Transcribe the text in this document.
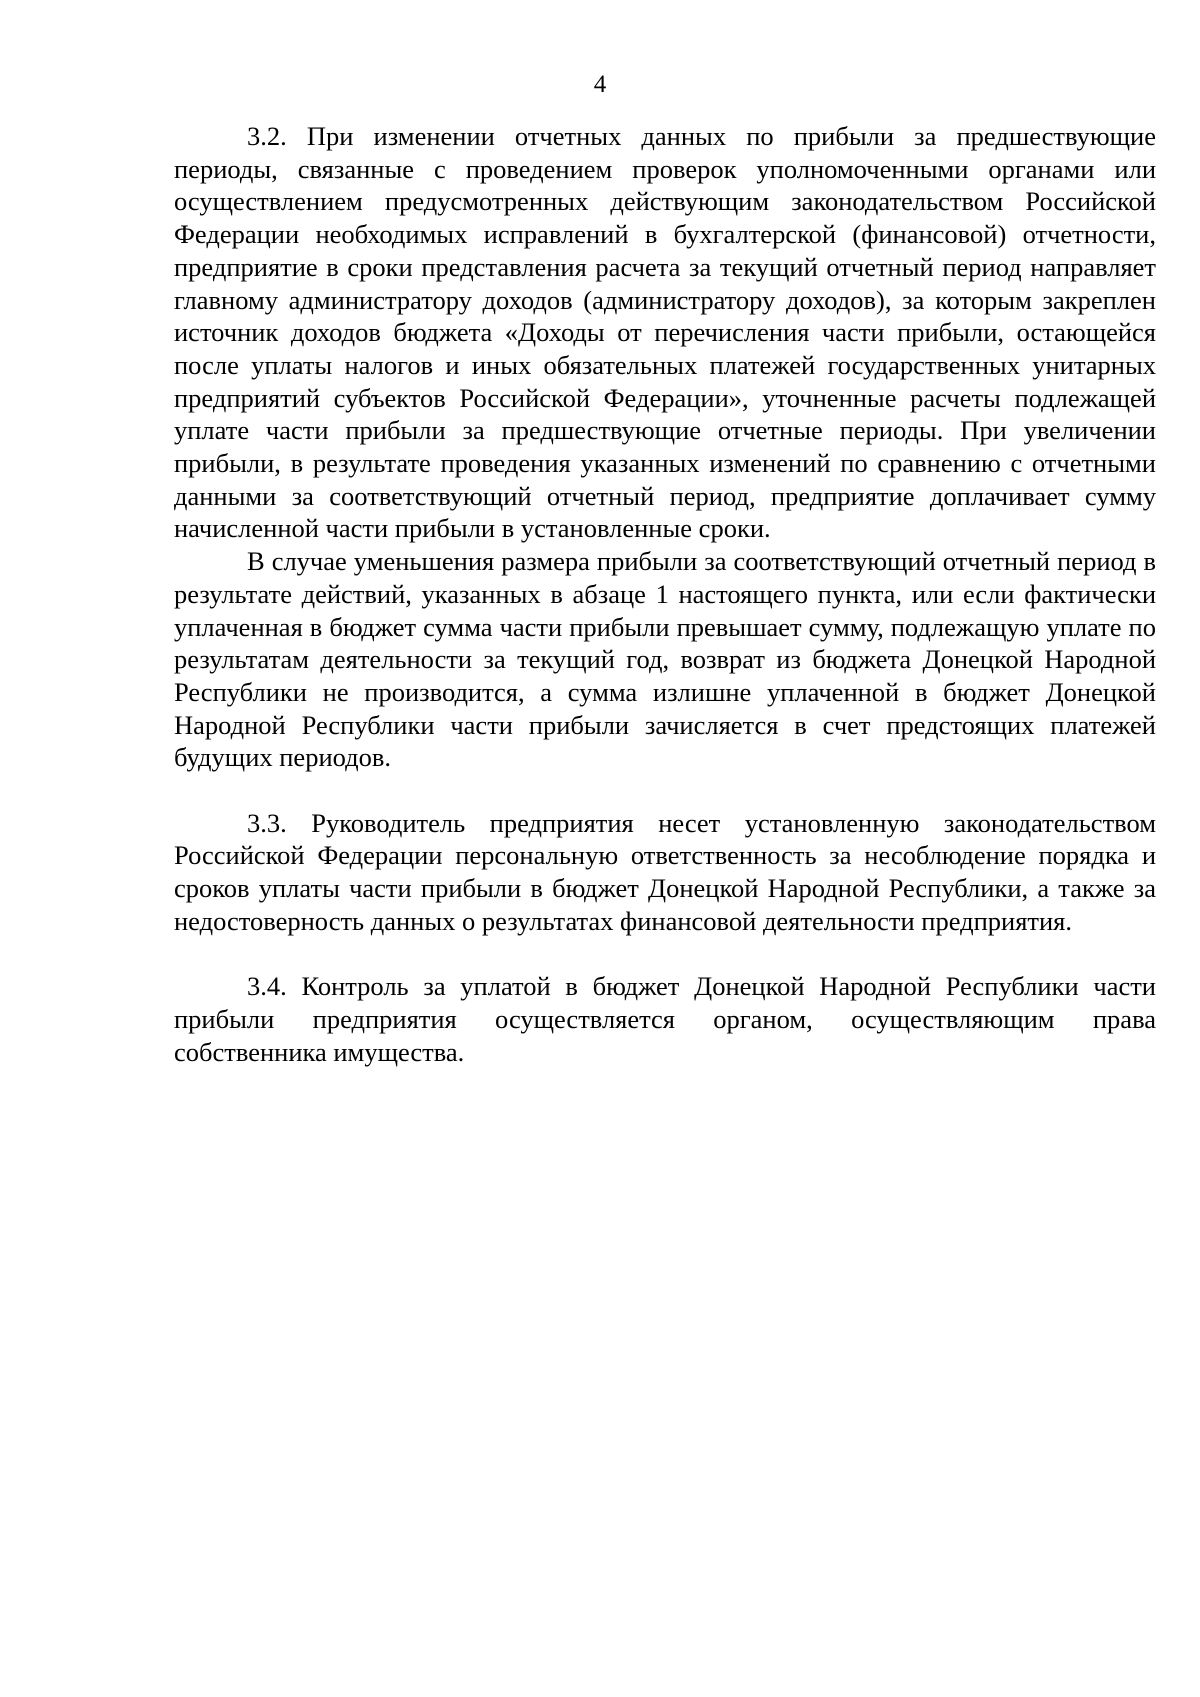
4

3.2. При изменении отчетных данных по прибыли за предшествующие периоды, связанные с проведением проверок уполномоченными органами или осуществлением предусмотренных действующим законодательством Российской Федерации необходимых исправлений в бухгалтерской (финансовой) отчетности, предприятие в сроки представления расчета за текущий отчетный период направляет главному администратору доходов (администратору доходов), за которым закреплен источник доходов бюджета «Доходы от перечисления части прибыли, остающейся после уплаты налогов и иных обязательных платежей государственных унитарных предприятий субъектов Российской Федерации», уточненные расчеты подлежащей уплате части прибыли за предшествующие отчетные периоды. При увеличении прибыли, в результате проведения указанных изменений по сравнению с отчетными данными за соответствующий отчетный период, предприятие доплачивает сумму начисленной части прибыли в установленные сроки.

В случае уменьшения размера прибыли за соответствующий отчетный период в результате действий, указанных в абзаце 1 настоящего пункта, или если фактически уплаченная в бюджет сумма части прибыли превышает сумму, подлежащую уплате по результатам деятельности за текущий год, возврат из бюджета Донецкой Народной Республики не производится, а сумма излишне уплаченной в бюджет Донецкой Народной Республики части прибыли зачисляется в счет предстоящих платежей будущих периодов.

3.3. Руководитель предприятия несет установленную законодательством Российской Федерации персональную ответственность за несоблюдение порядка и сроков уплаты части прибыли в бюджет Донецкой Народной Республики, а также за недостоверность данных о результатах финансовой деятельности предприятия.

3.4. Контроль за уплатой в бюджет Донецкой Народной Республики части прибыли предприятия осуществляется органом, осуществляющим права собственника имущества.
